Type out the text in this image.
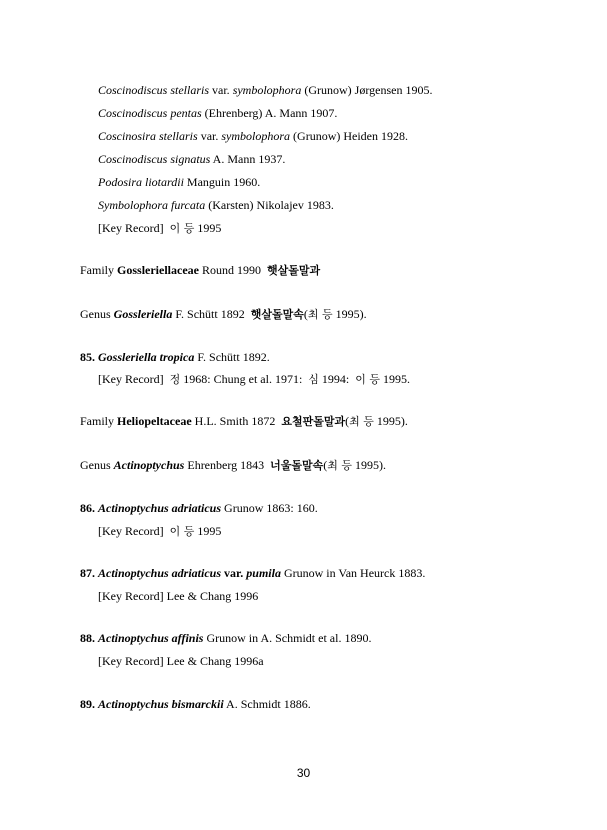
Coscinodiscus stellaris var. symbolophora (Grunow) Jørgensen 1905.
Coscinodiscus pentas (Ehrenberg) A. Mann 1907.
Coscinosira stellaris var. symbolophora (Grunow) Heiden 1928.
Coscinodiscus signatus A. Mann 1937.
Podosira liotardii Manguin 1960.
Symbolophora furcata (Karsten) Nikolajev 1983.
[Key Record] 이 등 1995
Family Gossleriellaceae Round 1990  햇살돌말과
Genus Gossleriella F. Schütt 1892  햇살돌말속(최 등 1995).
85. Gossleriella tropica F. Schütt 1892.
[Key Record] 정 1968: Chung et al. 1971:  심 1994:  이 등 1995.
Family Heliopeltaceae H.L. Smith 1872  요철판돌말과(최 등 1995).
Genus Actinoptychus Ehrenberg 1843  너울돌말속(최 등 1995).
86. Actinoptychus adriaticus Grunow 1863: 160.
[Key Record] 이 등 1995
87. Actinoptychus adriaticus var. pumila Grunow in Van Heurck 1883.
[Key Record] Lee & Chang 1996
88. Actinoptychus affinis Grunow in A. Schmidt et al. 1890.
[Key Record] Lee & Chang 1996a
89. Actinoptychus bismarckii A. Schmidt 1886.
30
